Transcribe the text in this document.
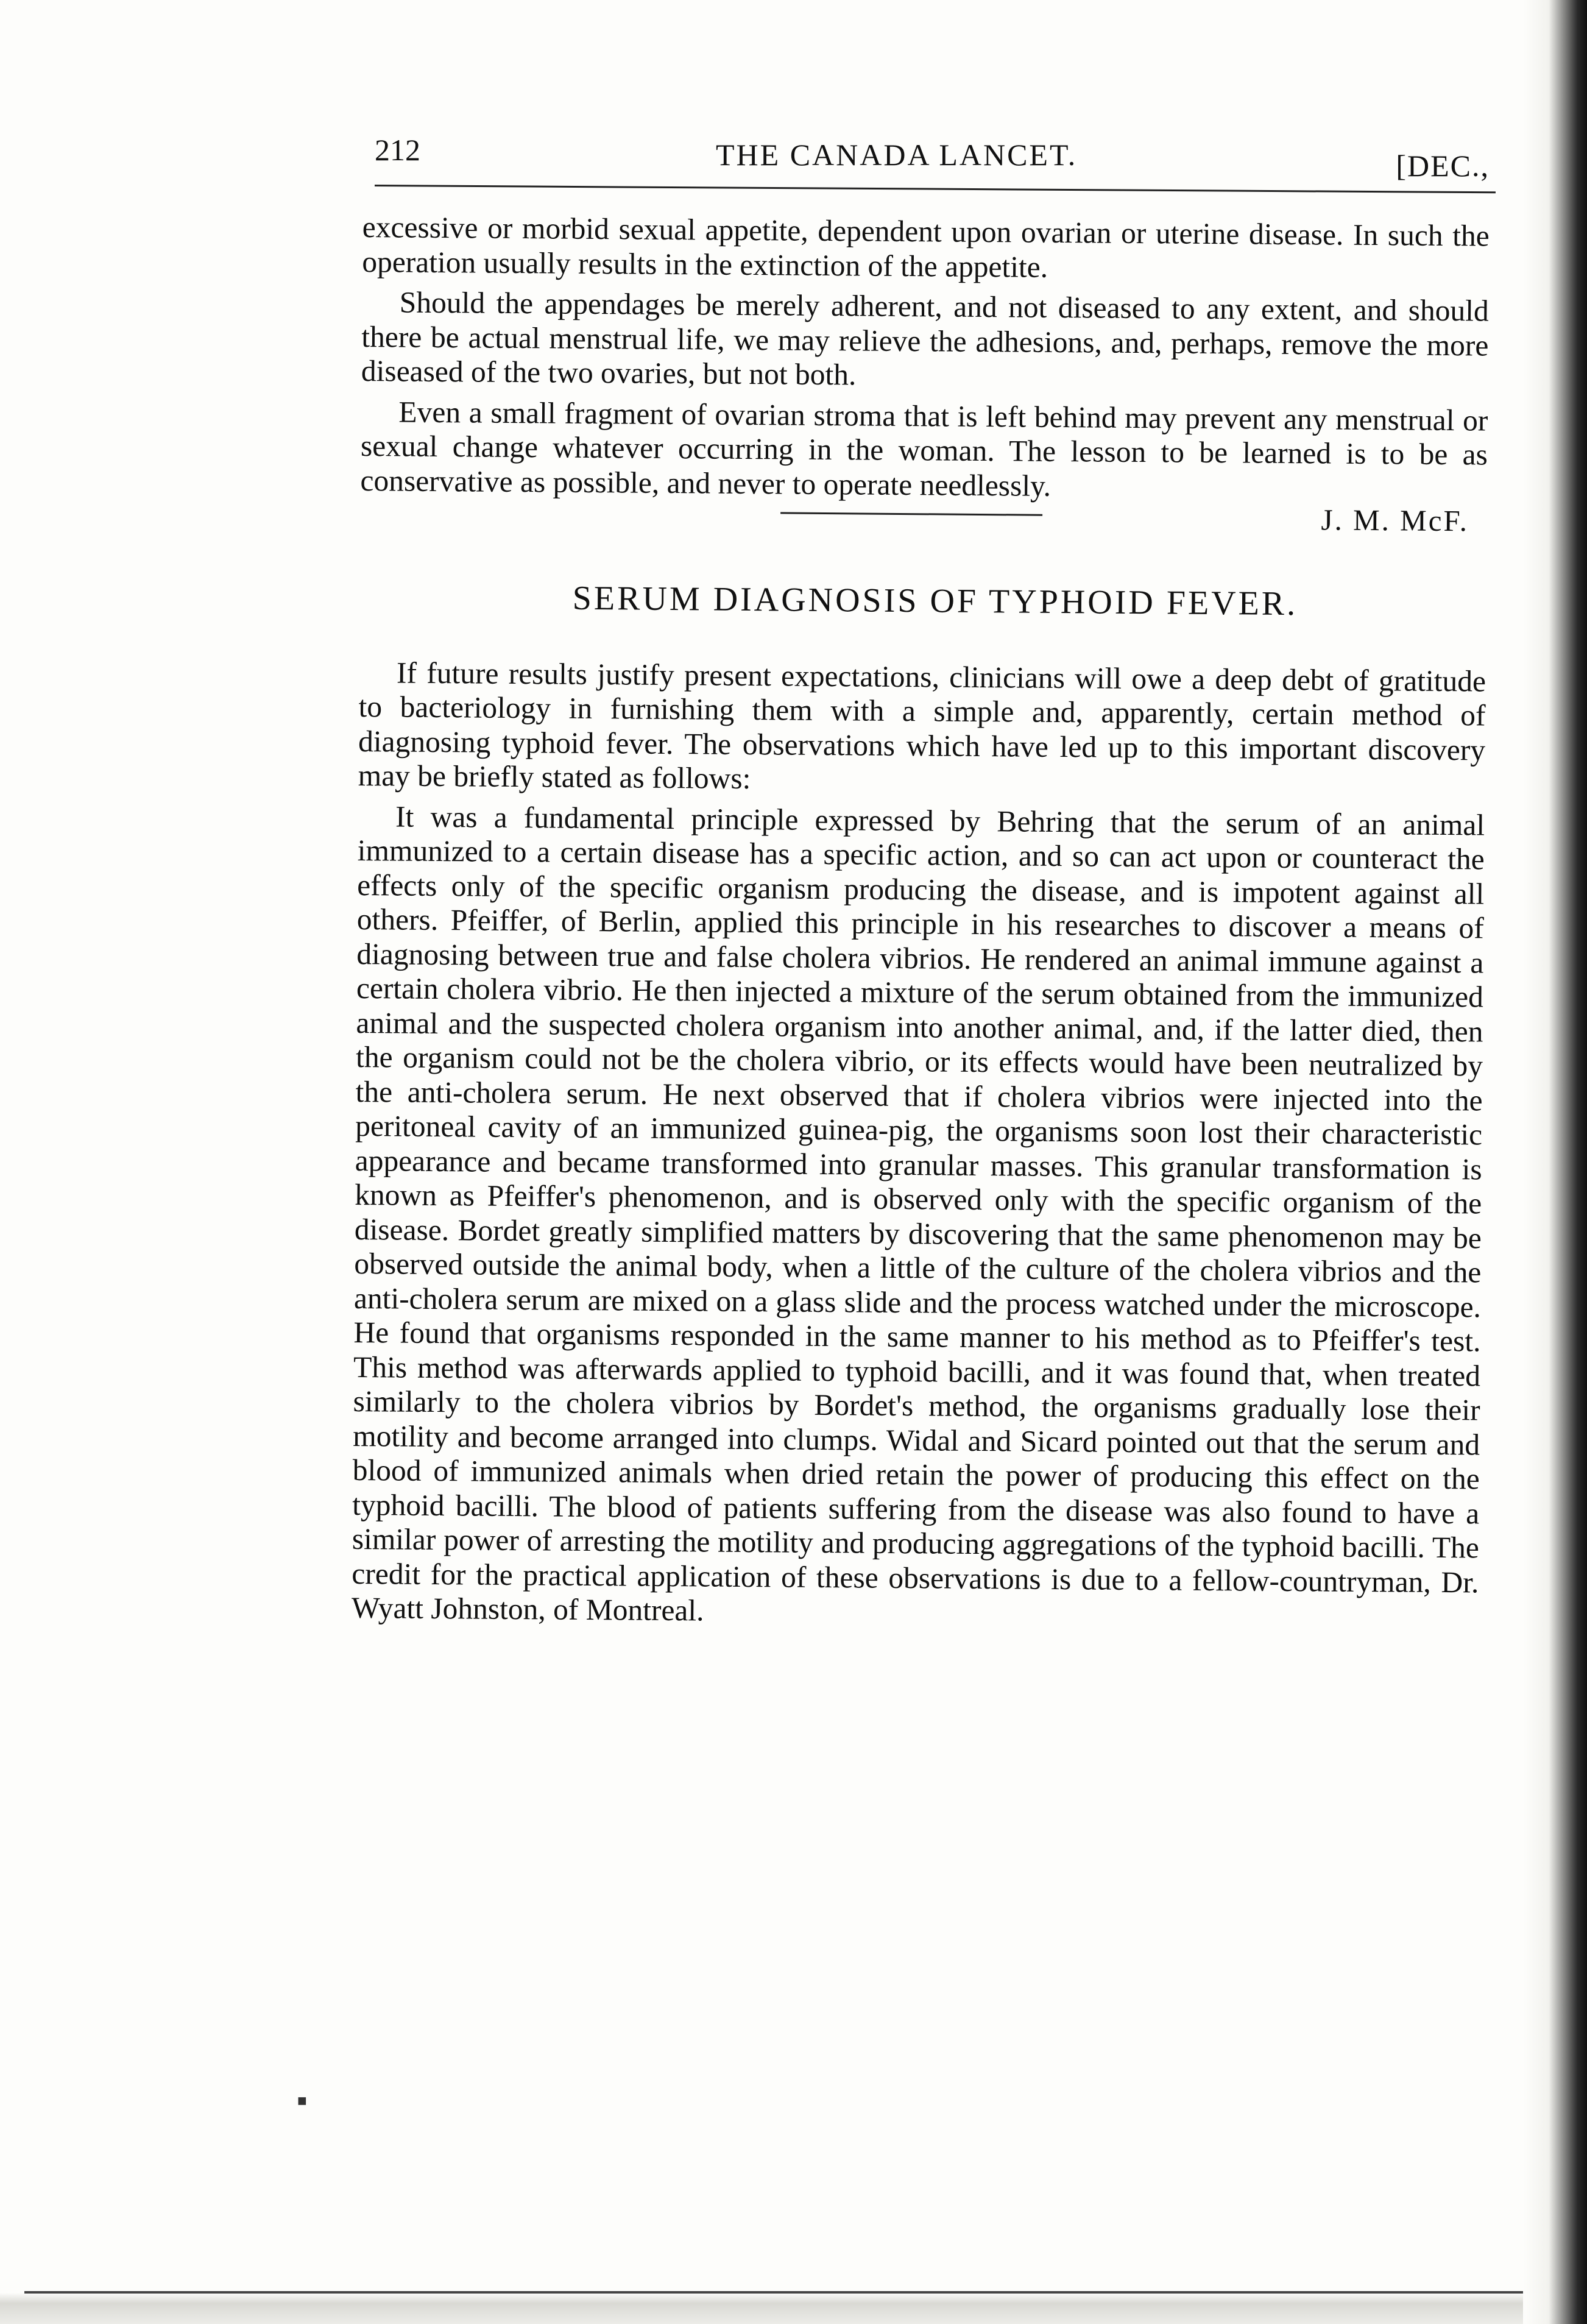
212	THE CANADA LANCET.	[DEC.,

excessive or morbid sexual appetite, dependent upon ovarian or uterine disease. In such the operation usually results in the extinction of the appetite.

Should the appendages be merely adherent, and not diseased to any extent, and should there be actual menstrual life, we may relieve the adhesions, and, perhaps, remove the more diseased of the two ovaries, but not both.

Even a small fragment of ovarian stroma that is left behind may prevent any menstrual or sexual change whatever occurring in the woman. The lesson to be learned is to be as conservative as possible, and never to operate needlessly.

J. M. McF.
SERUM DIAGNOSIS OF TYPHOID FEVER.

If future results justify present expectations, clinicians will owe a deep debt of gratitude to bacteriology in furnishing them with a simple and, apparently, certain method of diagnosing typhoid fever. The observations which have led up to this important discovery may be briefly stated as follows:

It was a fundamental principle expressed by Behring that the serum of an animal immunized to a certain disease has a specific action, and so can act upon or counteract the effects only of the specific organism producing the disease, and is impotent against all others. Pfeiffer, of Berlin, applied this principle in his researches to discover a means of diagnosing between true and false cholera vibrios. He rendered an animal immune against a certain cholera vibrio. He then injected a mixture of the serum obtained from the immunized animal and the suspected cholera organism into another animal, and, if the latter died, then the organism could not be the cholera vibrio, or its effects would have been neutralized by the anti-cholera serum. He next observed that if cholera vibrios were injected into the peritoneal cavity of an immunized guinea-pig, the organisms soon lost their characteristic appearance and became transformed into granular masses. This granular transformation is known as Pfeiffer's phenomenon, and is observed only with the specific organism of the disease. Bordet greatly simplified matters by discovering that the same phenomenon may be observed outside the animal body, when a little of the culture of the cholera vibrios and the anti-cholera serum are mixed on a glass slide and the process watched under the microscope. He found that organisms responded in the same manner to his method as to Pfeiffer's test. This method was afterwards applied to typhoid bacilli, and it was found that, when treated similarly to the cholera vibrios by Bordet's method, the organisms gradually lose their motility and become arranged into clumps. Widal and Sicard pointed out that the serum and blood of immunized animals when dried retain the power of producing this effect on the typhoid bacilli. The blood of patients suffering from the disease was also found to have a similar power of arresting the motility and producing aggregations of the typhoid bacilli. The credit for the practical application of these observations is due to a fellow-countryman, Dr. Wyatt Johnston, of Montreal.

■
